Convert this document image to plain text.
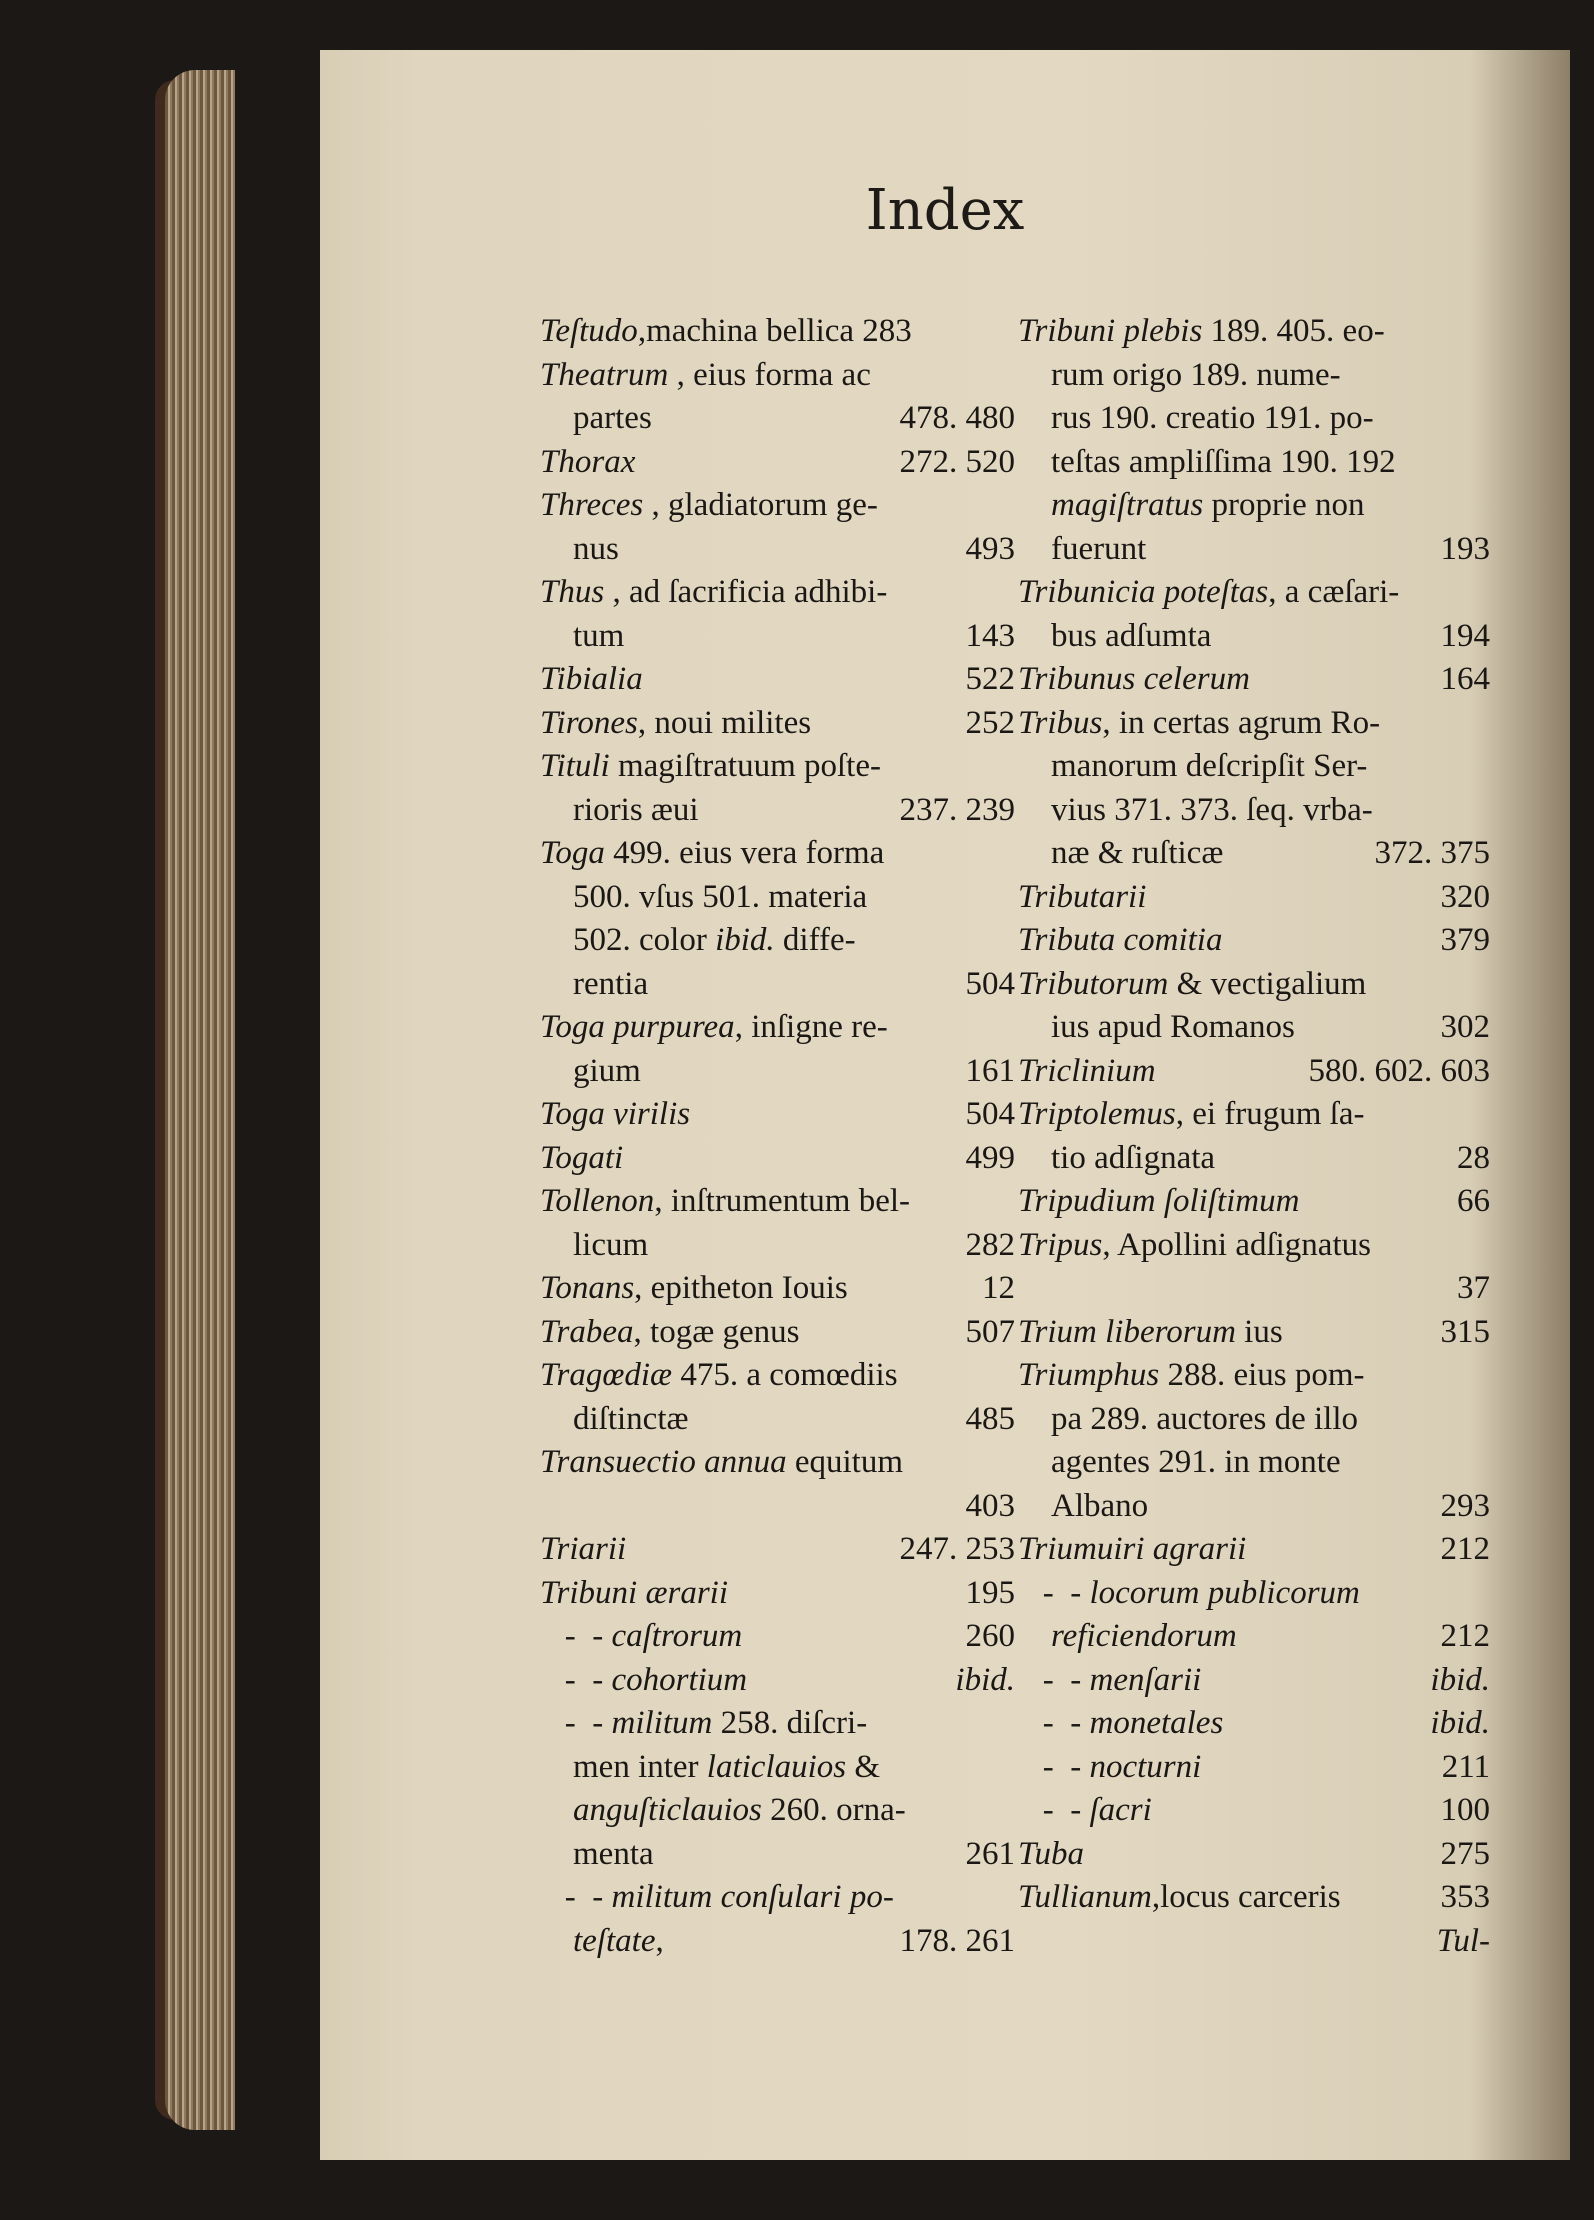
Index
Teſtudo,machina bellica 283
Theatrum , eius forma ac
partes	478. 480
Thorax	272. 520
Threces , gladiatorum ge-
nus	493
Thus , ad ſacrificia adhibi-
tum	143
Tibialia	522
Tirones, noui milites	252
Tituli magiſtratuum poſte-
rioris æui	237. 239
Toga 499. eius vera forma
500. vſus 501. materia
502. color ibid. diffe-
rentia	504
Toga purpurea, inſigne re-
gium	161
Toga virilis	504
Togati	499
Tollenon, inſtrumentum bel-
licum	282
Tonans, epitheton Iouis	12
Trabea, togæ genus	507
Tragœdiæ 475. a comœdiis
diſtinctæ	485
Transuectio annua equitum
403
Triarii	247. 253
Tribuni ærarii	195
-  - caſtrorum	260
-  - cohortium	ibid.
-  - militum 258. diſcri-
men inter laticlauios &
anguſticlauios 260. orna-
menta	261
-  - militum conſulari po-
teſtate,	178. 261
Tribuni plebis 189. 405. eo-
rum origo 189. nume-
rus 190. creatio 191. po-
teſtas ampliſſima 190. 192
magiſtratus proprie non
fuerunt	193
Tribunicia poteſtas, a cæſari-
bus adſumta	194
Tribunus celerum	164
Tribus, in certas agrum Ro-
manorum deſcripſit Ser-
vius 371. 373. ſeq. vrba-
næ & ruſticæ	372. 375
Tributarii	320
Tributa comitia	379
Tributorum & vectigalium
ius apud Romanos	302
Triclinium	580. 602. 603
Triptolemus, ei frugum ſa-
tio adſignata	28
Tripudium ſoliſtimum	66
Tripus, Apollini adſignatus
37
Trium liberorum ius	315
Triumphus 288. eius pom-
pa 289. auctores de illo
agentes 291. in monte
Albano	293
Triumuiri agrarii	212
-  - locorum publicorum
reficiendorum	212
-  - menſarii	ibid.
-  - monetales	ibid.
-  - nocturni	211
-  - ſacri	100
Tuba	275
Tullianum,locus carceris	353
Tul-
